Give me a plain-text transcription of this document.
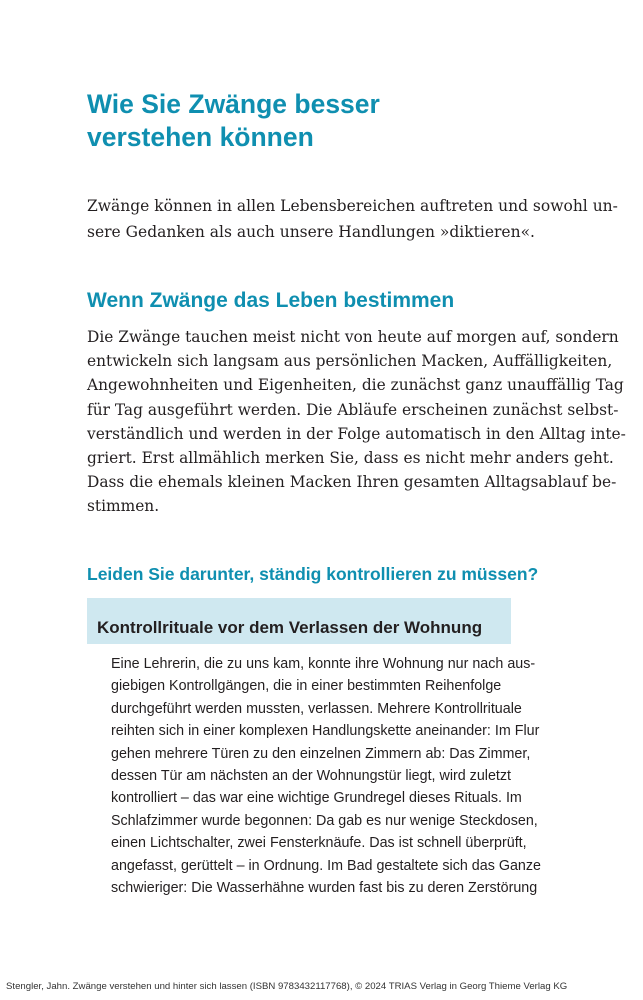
Wie Sie Zwänge besser
verstehen können
Zwänge können in allen Lebensbereichen auftreten und sowohl un-
sere Gedanken als auch unsere Handlungen »diktieren«.
Wenn Zwänge das Leben bestimmen
Die Zwänge tauchen meist nicht von heute auf morgen auf, sondern
entwickeln sich langsam aus persönlichen Macken, Auffälligkeiten,
Angewohnheiten und Eigenheiten, die zunächst ganz unauffällig Tag
für Tag ausgeführt werden. Die Abläufe erscheinen zunächst selbst-
verständlich und werden in der Folge automatisch in den Alltag inte-
griert. Erst allmählich merken Sie, dass es nicht mehr anders geht.
Dass die ehemals kleinen Macken Ihren gesamten Alltagsablauf be-
stimmen.
Leiden Sie darunter, ständig kontrollieren zu müssen?
Kontrollrituale vor dem Verlassen der Wohnung
Eine Lehrerin, die zu uns kam, konnte ihre Wohnung nur nach aus-
giebigen Kontrollgängen, die in einer bestimmten Reihenfolge
durchgeführt werden mussten, verlassen. Mehrere Kontrollrituale
reihten sich in einer komplexen Handlungskette aneinander: Im Flur
gehen mehrere Türen zu den einzelnen Zimmern ab: Das Zimmer,
dessen Tür am nächsten an der Wohnungstür liegt, wird zuletzt
kontrolliert – das war eine wichtige Grundregel dieses Rituals. Im
Schlafzimmer wurde begonnen: Da gab es nur wenige Steckdosen,
einen Lichtschalter, zwei Fensterknäufe. Das ist schnell überprüft,
angefasst, gerüttelt – in Ordnung. Im Bad gestaltete sich das Ganze
schwieriger: Die Wasserhähne wurden fast bis zu deren Zerstörung
Stengler, Jahn. Zwänge verstehen und hinter sich lassen (ISBN 9783432117768), © 2024 TRIAS Verlag in Georg Thieme Verlag KG
